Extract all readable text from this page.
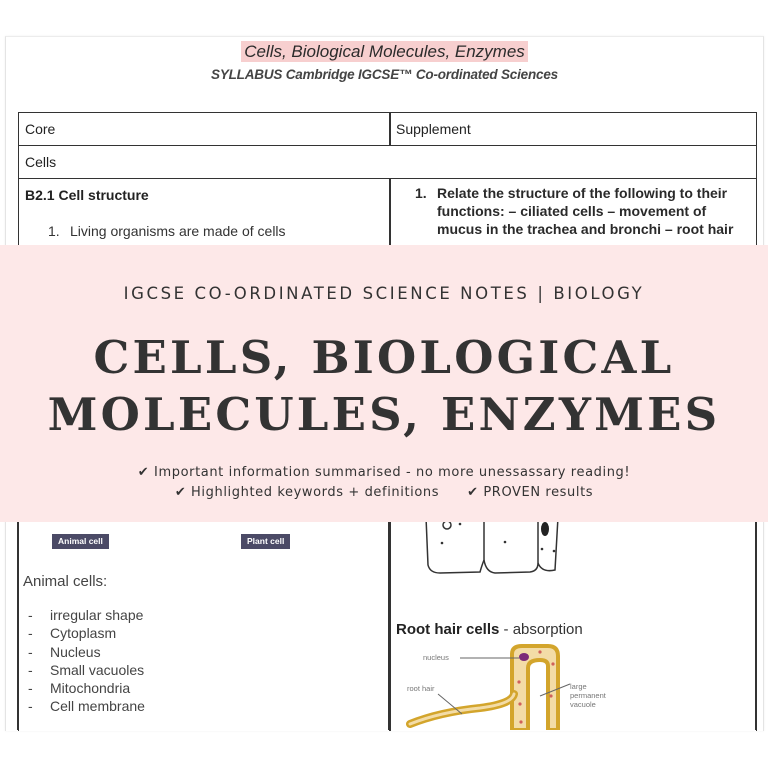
Cells, Biological Molecules, Enzymes
SYLLABUS Cambridge IGCSE™ Co-ordinated Sciences
Core	Supplement
Cells
B2.1 Cell structure
1. Living organisms are made of cells
1. Relate the structure of the following to their functions: – ciliated cells – movement of mucus in the trachea and bronchi – root hair
Animal cell	Plant cell
Animal cells:
- irregular shape
- Cytoplasm
- Nucleus
- Small vacuoles
- Mitochondria
- Cell membrane
Root hair cells - absorption
nucleus
root hair	large permanent vacuole
IGCSE CO-ORDINATED SCIENCE NOTES | BIOLOGY
CELLS, BIOLOGICAL
MOLECULES, ENZYMES
✔ Important information summarised - no more unessassary reading!
✔ Highlighted keywords + definitions ✔ PROVEN results
